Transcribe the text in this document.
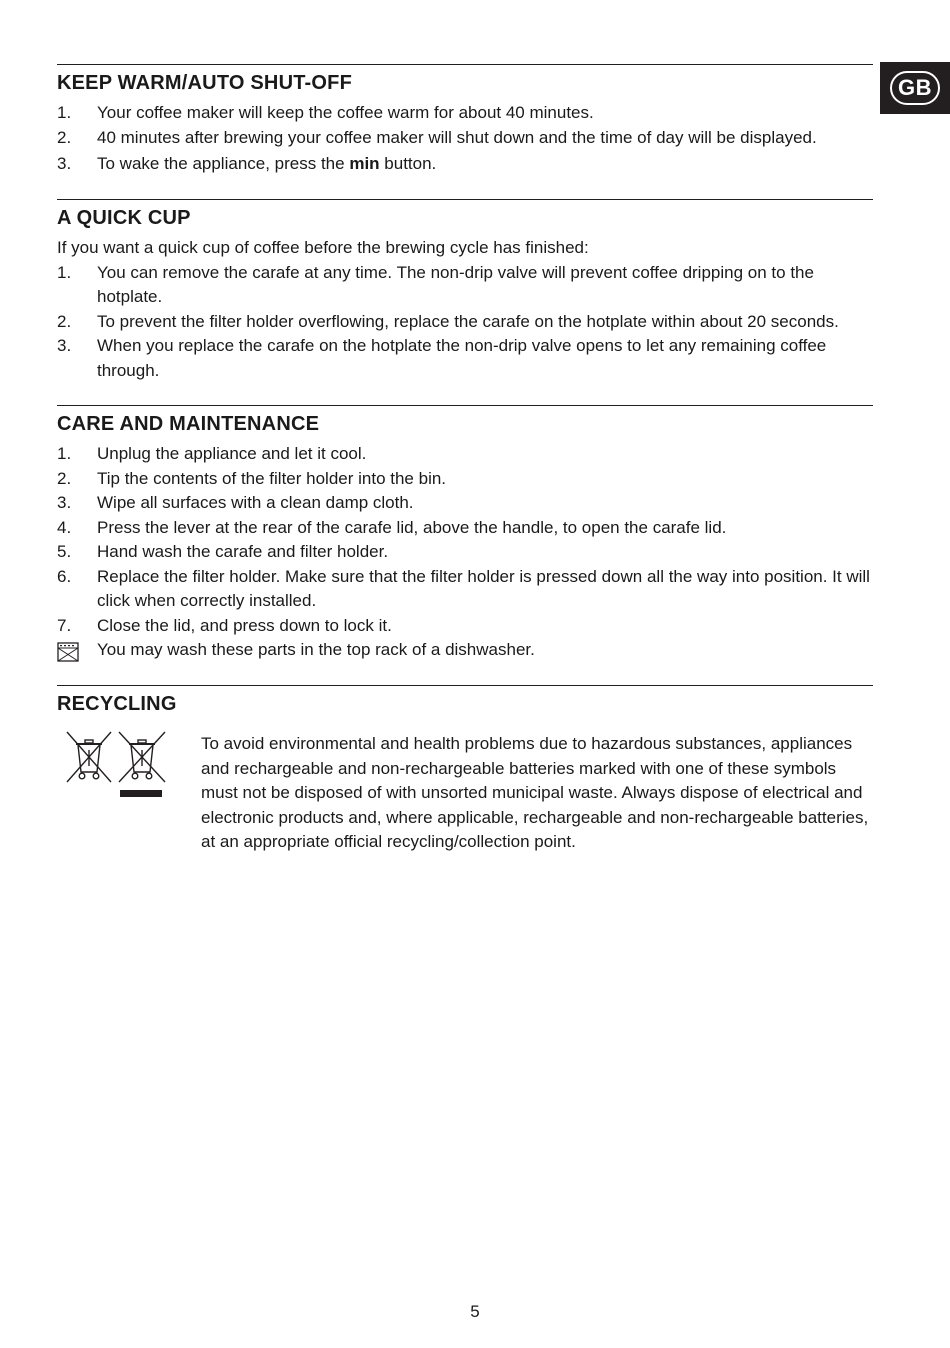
GB
KEEP WARM/AUTO SHUT-OFF
1. Your coffee maker will keep the coffee warm for about 40 minutes.
2. 40 minutes after brewing your coffee maker will shut down and the time of day will be displayed.
3. To wake the appliance, press the min button.
A QUICK CUP

If you want a quick cup of coffee before the brewing cycle has finished:

1. You can remove the carafe at any time. The non-drip valve will prevent coffee dripping on to the hotplate.
2. To prevent the filter holder overflowing, replace the carafe on the hotplate within about 20 seconds.
3. When you replace the carafe on the hotplate the non-drip valve opens to let any remaining coffee through.
CARE AND MAINTENANCE
1. Unplug the appliance and let it cool.
2. Tip the contents of the filter holder into the bin.
3. Wipe all surfaces with a clean damp cloth.
4. Press the lever at the rear of the carafe lid, above the handle, to open the carafe lid.
5. Hand wash the carafe and filter holder.
6. Replace the filter holder. Make sure that the filter holder is pressed down all the way into position. It will click when correctly installed.
7. Close the lid, and press down to lock it.
You may wash these parts in the top rack of a dishwasher.
RECYCLING

To avoid environmental and health problems due to hazardous substances, appliances and rechargeable and non-rechargeable batteries marked with one of these symbols must not be disposed of with unsorted municipal waste. Always dispose of electrical and electronic products and, where applicable, rechargeable and non-rechargeable batteries, at an appropriate official recycling/collection point.

5
